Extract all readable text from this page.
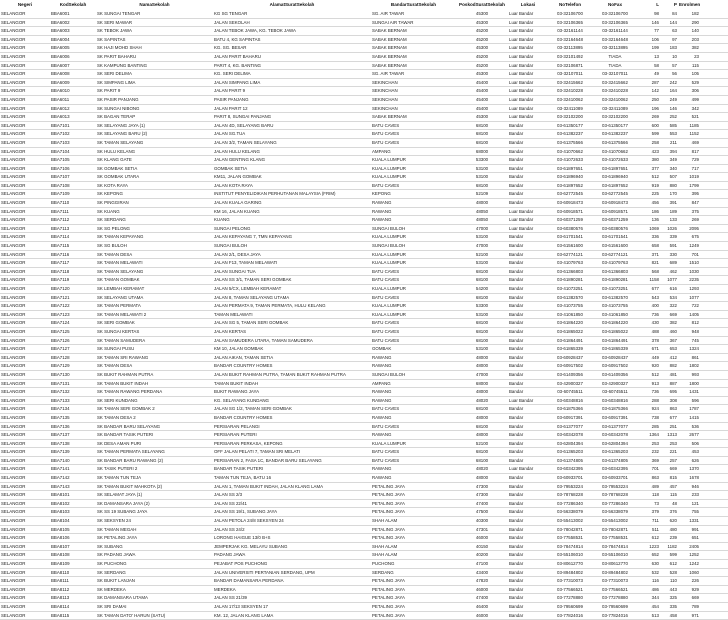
Negeri	KodSekolah	NamaSekolah	AlamatSuratSekolah	BandarSuratSekolah	PoskodSuratSekolah	Lokasi	NoTelefon	NoFax	L	P	Enrolmen	
SELANGOR	BBA6001	SK SUNGAI TENGAR	KG SG TENGAR	SG. AIR TAWAR	45300	Luar Bandar	03-32106700	03-32106700	98	84	182	
SELANGOR	BBA6002	SK SERI MAWAR	JALAN SEKOLAH	SUNGAI AIR TAWAR	45300	Luar Bandar	03-32106365	03-32106365	146	144	290	
SELANGOR	BBA6003	SK TEBOK JAWA	JALAN TEBOK JAWA, KG. TEBOK JAWA	SABAK BERNAM	45200	Luar Bandar	03-32161144	03-32161144	77	63	140	
SELANGOR	BBA6004	SK SAPINTAS	BATU 4, KG SAPINTAS	SABAK BERNAM	45200	Luar Bandar	03-32164648	03-32164648	106	97	203	
SELANGOR	BBA6005	SK HAJI MOHD SHAH	KG. SG. BESAR	SABAK BERNAM	45300	Luar Bandar	03-32113895	03-32113895	199	183	382	
SELANGOR	BBA6006	SK PARIT BAHARU	JALAN PARIT BAHARU	SABAK BERNAM	45200	Luar Bandar	03-32101492	TIADA	13	10	23	
SELANGOR	BBA6007	SK KAMPUNG BANTING	PARIT 4, KG. BANTING	SABAK BERNAM	45200	Luar Bandar	03-32106871	TIADA	58	57	115	
SELANGOR	BBA6008	SK SERI DELIMA	KG. SERI DELIMA	SG. AIR TAWAR	45300	Luar Bandar	03-32107011	03-32107011	49	56	105	
SELANGOR	BBA6009	SK SIMPANG LIMA	JALAN SIMPANG LIMA	SEKINCHAN	45400	Luar Bandar	03-32415662	03-32415662	287	242	529	
SELANGOR	BBA6010	SK PARIT 9	JALAN PARIT 9	SEKINCHAN	45400	Luar Bandar	03-32410228	03-32410228	142	164	306	
SELANGOR	BBA6011	SK PASIR PANJANG	PASIR PANJANG	SEKINCHAN	45400	Luar Bandar	03-32410062	03-32410062	250	249	499	
SELANGOR	BBA6012	SK SUNGAI NIBONG	JALAN PARIT 12	SEKINCHAN	45400	Luar Bandar	03-32411089	03-32411089	196	146	342	
SELANGOR	BBA6013	SK BAGAN TERAP	PARIT 8, SUNGAI PANJANG	SABAK BERNAM	45300	Luar Bandar	03-32102200	03-32102200	269	252	521	
SELANGOR	BBA7101	SK SELAYANG JAYA (1)	JALAN 4D, SELAYANG BARU	BATU CAVES	68100	Bandar	03-61350177	03-61350177	600	585	1185	
SELANGOR	BBA7102	SK SELAYANG BARU (2)	JALAN SG.TUA	BATU CAVES	68100	Bandar	03-61382237	03-61382237	599	553	1152	
SELANGOR	BBA7103	SK TAMAN SELAYANG	JALAN 3/2, TAMAN SELAYANG	BATU CAVES	68100	Bandar	03-61375566	03-61375566	258	211	469	
SELANGOR	BBA7104	SK HULU KELANG	JALAN HULU KELANG	AMPANG	68000	Bandar	03-41070662	03-41070662	423	394	817	
SELANGOR	BBA7105	SK KLANG GATE	JALAN GENTING KLANG	KUALA LUMPUR	53300	Bandar	03-41072633	03-41072633	380	349	729	
SELANGOR	BBA7106	SK GOMBAK SETIA	GOMBAK SETIA	KUALA LUMPUR	53100	Bandar	03-61897651	03-61897651	377	340	717	
SELANGOR	BBA7107	SK GOMBAK UTARA	KM11, JALAN GOMBAK	KUALA LUMPUR	53100	Bandar	03-61896940	03-61896940	512	507	1019	
SELANGOR	BBA7108	SK KOTA RAYA	JALAN KOTA RAYA	BATU CAVES	68100	Bandar	03-61897652	03-61897652	919	880	1799	
SELANGOR	BBA7109	SK KEPONG	INSTITUT PENYELIDIKAN PERHUTANAN MALAYSIA (FRIM)	KEPONG	52109	Bandar	03-62772545	03-62772545	225	170	395	
SELANGOR	BBA7110	SK PINGGIRAN	JALAN KUALA GARING	RAWANG	48000	Bandar	03-60918473	03-60918473	456	391	847	
SELANGOR	BBA7111	SK KUANG	KM 16, JALAN KUANG	RAWANG	48050	Luar Bandar	03-60918571	03-60918571	186	189	375	
SELANGOR	BBA7112	SK SERDANG	KUANG	RAWANG	48050	Luar Bandar	03-60371259	03-60371259	136	133	269	
SELANGOR	BBA7113	SK SG PELONG	SUNGAI PELONG	SUNGAI BULOH	47000	Luar Bandar	03-60380576	03-60380576	1069	1026	2095	
SELANGOR	BBA7114	SK TAMAN KEPAYANG	JALAN KEPAYANG 7, TMN KEPAYANG	KUALA LUMPUR	53100	Bandar	03-61701541	03-61701541	336	339	675	
SELANGOR	BBA7115	SK SG BULOH	SUNGAI BULOH	SUNGAI BULOH	47000	Bandar	03-61561600	03-61561600	658	591	1249	
SELANGOR	BBA7116	SK TAMAN DESA	JALAN 2/1, DESA JAYA	KUALA LUMPUR	52100	Bandar	03-62774121	03-62774121	371	330	701	
SELANGOR	BBA7117	SK TAMAN MELAWATI	JALAN F13, TAMAN MELAWATI	KUALA LUMPUR	53100	Bandar	03-41079763	03-41079763	821	689	1510	
SELANGOR	BBA7118	SK TAMAN SELAYANG	JALAN SUNGAI TUA	BATU CAVES	68100	Bandar	03-61366803	03-61366803	568	462	1030	
SELANGOR	BBA7119	SK TAMAN GOMBAK	JALAN SS 3/1, TAMAN SERI GOMBAK	BATU CAVES	68100	Bandar	03-61890281	03-61890281	1158	1077	2235	
SELANGOR	BBA7120	SK LEMBAH KERAMAT	JALAN 5/CX, LEMBAH KERAMAT	KUALA LUMPUR	54200	Bandar	03-41073251	03-41073251	677	616	1293	
SELANGOR	BBA7121	SK SELAYANG UTAMA	JALAN 8, TAMAN SELAYANG UTAMA	BATU CAVES	68100	Bandar	03-61382570	03-61382570	543	534	1077	
SELANGOR	BBA7122	SK TAMAN PERMATA	JALAN PERMATA 9, TAMAN PERMATA, HULU KELANG	KUALA LUMPUR	53300	Bandar	03-41073755	03-41073755	400	322	722	
SELANGOR	BBA7123	SK TAMAN MELAWATI 2	TAMAN MELAWATI	KUALA LUMPUR	53100	Bandar	03-41061850	03-41061850	736	669	1405	
SELANGOR	BBA7124	SK SERI GOMBAK	JALAN SG 5, TAMAN SERI GOMBAK	BATU CAVES	68100	Bandar	03-61864220	03-61864220	430	382	812	
SELANGOR	BBA7125	SK SUNGAI KERTAS	JALAN KERTAS	BATU CAVES	68100	Bandar	03-61865022	03-61865022	488	460	948	
SELANGOR	BBA7126	SK TAMAN SAMUDERA	JALAN SAMUDERA UTARA, TAMAN SAMUDERA	BATU CAVES	68100	Bandar	03-61864491	03-61864491	378	367	745	
SELANGOR	BBA7127	SK SUNGAI PUSU	KM 10, JALAN GOMBAK	GOMBAK	53100	Bandar	03-61865339	03-61865339	671	653	1324	
SELANGOR	BBA7128	SK TAMAN SRI RAWANG	JALAN AIKAN, TAMAN SETIA	RAWANG	48000	Bandar	03-60928437	03-60928437	449	412	861	
SELANGOR	BBA7129	SK TAMAN DESA	BANDAR COUNTRY HOMES	RAWANG	48000	Bandar	03-60917502	03-60917502	920	882	1802	
SELANGOR	BBA7130	SK BUKIT RAHMAN PUTRA	JALAN BUKIT RAHMAN PUTRA, TAMAN BUKIT RAHMAN PUTRA	SUNGAI BULOH	47000	Bandar	03-61409356	03-61409356	512	481	993	
SELANGOR	BBA7131	SK TAMAN BUKIT INDAH	TAMAN BUKIT INDAH	AMPANG	68000	Bandar	03-42900327	03-42900327	913	887	1800	
SELANGOR	BBA7132	SK TAMAN RAWANG PERDANA	BUKIT RAWANG JAYA	RAWANG	48000	Bandar	03-60745511	03-60745511	736	695	1431	
SELANGOR	BBA7133	SK SERI KUNDANG	KG. SELAYANG KUNDANG	RAWANG	48020	Luar Bandar	03-60348816	03-60348816	288	308	596	
SELANGOR	BBA7134	SK TAMAN SERI GOMBAK 2	JALAN SG 1/2, TAMAN SERI GOMBAK	BATU CAVES	68100	Bandar	03-61875366	03-61875366	924	863	1787	
SELANGOR	BBA7135	SK TAMAN DESA 2	BANDAR COUNTRY HOMES	RAWANG	48000	Bandar	03-60917391	03-60917391	738	677	1415	
SELANGOR	BBA7136	SK BANDAR BARU SELAYANG	PERSIARAN PELANGI	BATU CAVES	68100	Bandar	03-61377077	03-61377077	285	251	536	
SELANGOR	BBA7137	SK BANDAR TASIK PUTERI	PERSIARAN PUTERI	RAWANG	48000	Bandar	03-60342078	03-60342078	1364	1313	2677	
SELANGOR	BBA7138	SK DESA AMAN PURI	PERSIARAN PERKASA, KEPONG	KUALA LUMPUR	52100	Bandar	03-62804394	03-62804394	253	253	506	
SELANGOR	BBA7139	SK TAMAN PERMATA SELAYANG	OFF JALAN PELATI 7, TAMAN SRI MELATI	BATU CAVES	68100	Bandar	03-61365203	03-61365203	232	221	453	
SELANGOR	BBA7140	SK BANDAR BARU RAWANG (2)	PERSIARAN 2, FASA 1C, BANDAR BARU SELAYANG	BATU CAVES	68100	Bandar	03-61374805	03-61374805	369	257	626	
SELANGOR	BBA7141	SK TASIK PUTERI 2	BANDAR TASIK PUTERI	RAWANG	48020	Luar Bandar	03-60342395	03-60342395	701	669	1370	
SELANGOR	BBA7142	SK TAMAN TUN TEJA	TAMAN TUN TEJA, BATU 16	RAWANG	48000	Bandar	03-60933701	03-60933701	863	815	1678	
SELANGOR	BBA7143	SK TAMAN BUKIT MAHKOTA (2)	JALAN 1, TAMAN BUKIT INDAH, JALAN KLANG LAMA	PETALING JAYA	47300	Bandar	03-79553224	03-79553224	489	457	946	
SELANGOR	BBA8101	SK SELAMAT JAYA (1)	JALAN SS 2/3	PETALING JAYA	47300	Bandar	03-78768228	03-78768228	118	115	233	
SELANGOR	BBA8102	SK DAMANSARA JAYA (2)	JALAN SS 22/41	PETALING JAYA	47400	Bandar	03-77286340	03-77286340	73	48	121	
SELANGOR	BBA8103	SK SS 19 SUBANG JAYA	JALAN SS 19/1, SUBANG JAYA	PETALING JAYA	47500	Bandar	03-56338079	03-56338079	379	376	755	
SELANGOR	BBA8104	SK SEKSYEN 24	JALAN PETOLA 24/8 SEKSYEN 24	SHAH ALAM	40300	Bandar	03-55413002	03-55413002	711	620	1331	
SELANGOR	BBA8105	SK TAMAN MEGAH	JALAN SS 24/2	PETALING JAYA	47301	Bandar	03-78042871	03-78042871	511	480	991	
SELANGOR	BBA8106	SK PETALING JAYA	LORONG HAIGUE 13/0 B+S	PETALING JAYA	46000	Bandar	03-77558531	03-77558531	612	239	651	
SELANGOR	BBA8107	SK SUBANG	JEMPERJAK KG. MELAYU SUBANG	SHAH ALAM	40150	Bandar	03-78474814	03-78474814	1223	1182	2405	
SELANGOR	BBA8108	SK PADANG JAWA	PADANG JAWA	SHAH ALAM	40200	Bandar	03-55106010	03-55106010	652	599	1252	
SELANGOR	BBA8109	SK PUCHONG	PEJABAT POS PUCHONG	PUCHONG	47100	Bandar	03-80612770	03-80612770	630	612	1242	
SELANGOR	BBA8110	SK SERDANG	JALAN UNIVERSITI PERTANIAN SERDANG, UPM	SERDANG	43400	Bandar	03-89484802	03-89484802	532	528	1060	
SELANGOR	BBA8111	SK BUKIT LANJAN	BANDAR DAMANSARA PERDANA	PETALING JAYA	47820	Bandar	03-77310073	03-77310073	116	110	226	
SELANGOR	BBA8112	SK MERDEKA	MERDEKA	PETALING JAYA	46000	Bandar	03-77566521	03-77566521	486	443	929	
SELANGOR	BBA8113	SK DAMANSARA UTAMA	JALAN SS 21/39	PETALING JAYA	47400	Bandar	03-77278880	03-77278880	344	325	669	
SELANGOR	BBA8114	SK SRI DAMAI	JALAN 17/13 SEKSYEN 17	PETALING JAYA	46400	Bandar	03-79560699	03-79560699	454	335	789	
SELANGOR	BBA8115	SK TAMAN DATO' HARUN (SATU)	KM. 12, JALAN KLANG LAMA	PETALING JAYA	46000	Bandar	03-77824016	03-77824016	513	458	971	
